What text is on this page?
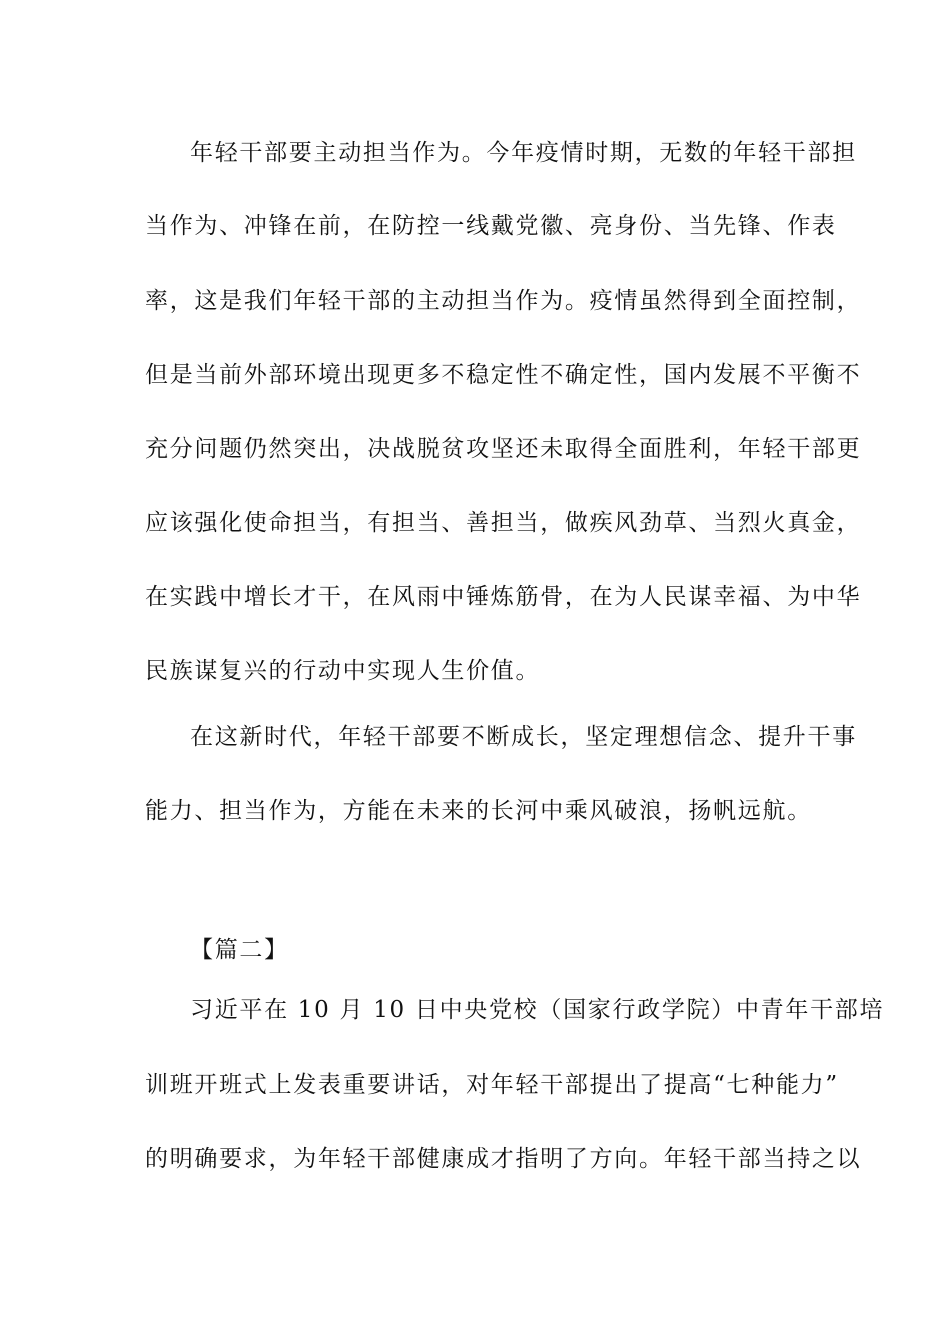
年轻干部要主动担当作为。今年疫情时期，无数的年轻干部担
当作为、冲锋在前，在防控一线戴党徽、亮身份、当先锋、作表
率，这是我们年轻干部的主动担当作为。疫情虽然得到全面控制，
但是当前外部环境出现更多不稳定性不确定性，国内发展不平衡不
充分问题仍然突出，决战脱贫攻坚还未取得全面胜利，年轻干部更
应该强化使命担当，有担当、善担当，做疾风劲草、当烈火真金，
在实践中增长才干，在风雨中锤炼筋骨，在为人民谋幸福、为中华
民族谋复兴的行动中实现人生价值。
在这新时代，年轻干部要不断成长，坚定理想信念、提升干事
能力、担当作为，方能在未来的长河中乘风破浪，扬帆远航。
【篇二】
习近平在 10 月 10 日中央党校（国家行政学院）中青年干部培
训班开班式上发表重要讲话，对年轻干部提出了提高“七种能力”
的明确要求，为年轻干部健康成才指明了方向。年轻干部当持之以
